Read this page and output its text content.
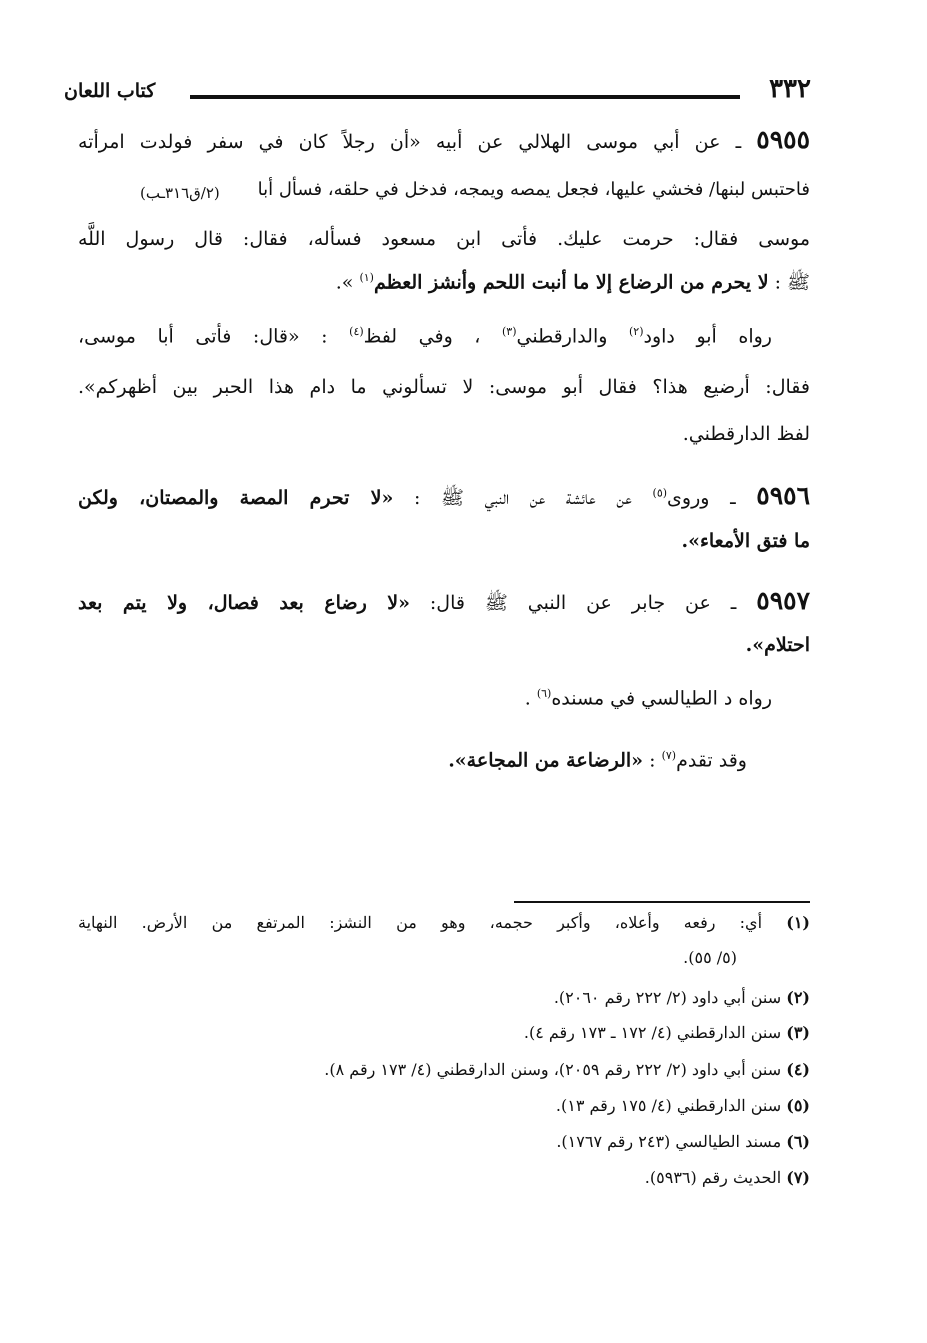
٣٣٢
كتاب اللعان
٥٩٥٥ ـ عن أبي موسى الهلالي عن أبيه «أن رجلاً كان في سفر فولدت امرأته
(٢/ق٣١٦ـب) فاحتبس لبنها/ فخشي عليها، فجعل يمصه ويمجه، فدخل في حلقه، فسأل أبا
موسى فقال: حرمت عليك. فأتى ابن مسعود فسأله، فقال: قال رسول اللَّه
ﷺ : لا يحرم من الرضاع إلا ما أنبت اللحم وأنشز العظم$^{(١)}$ ».
رواه أبو داود$^{(٢)}$ والدارقطني$^{(٣)}$ ، وفي لفظ$^{(٤)}$ : «قال: فأتى أبا موسى،
فقال: أرضيع هذا؟ فقال أبو موسى: لا تسألوني ما دام هذا الحبر بين أظهركم».
لفظ الدارقطني.
٥٩٥٦ ـ وروى$^{(٥)}$ عن عائشة عن النبي ﷺ : «لا تحرم المصة والمصتان، ولكن
ما فتق الأمعاء».
٥٩٥٧ ـ عن جابر عن النبي ﷺ قال: «لا رضاع بعد فصال، ولا يتم بعد
احتلام».
رواه د الطيالسي في مسنده$^{(٦)}$ .
وقد تقدم$^{(٧)}$ : «الرضاعة من المجاعة».
(١) أي: رفعه وأعلاه، وأكبر حجمه، وهو من النشز: المرتفع من الأرض. النهاية
(٥/ ٥٥).
(٢) سنن أبي داود (٢/ ٢٢٢ رقم ٢٠٦٠).
(٣) سنن الدارقطني (٤/ ١٧٢ ـ ١٧٣ رقم ٤).
(٤) سنن أبي داود (٢/ ٢٢٢ رقم ٢٠٥٩)، وسنن الدارقطني (٤/ ١٧٣ رقم ٨).
(٥) سنن الدارقطني (٤/ ١٧٥ رقم ١٣).
(٦) مسند الطيالسي (٢٤٣ رقم ١٧٦٧).
(٧) الحديث رقم (٥٩٣٦).
